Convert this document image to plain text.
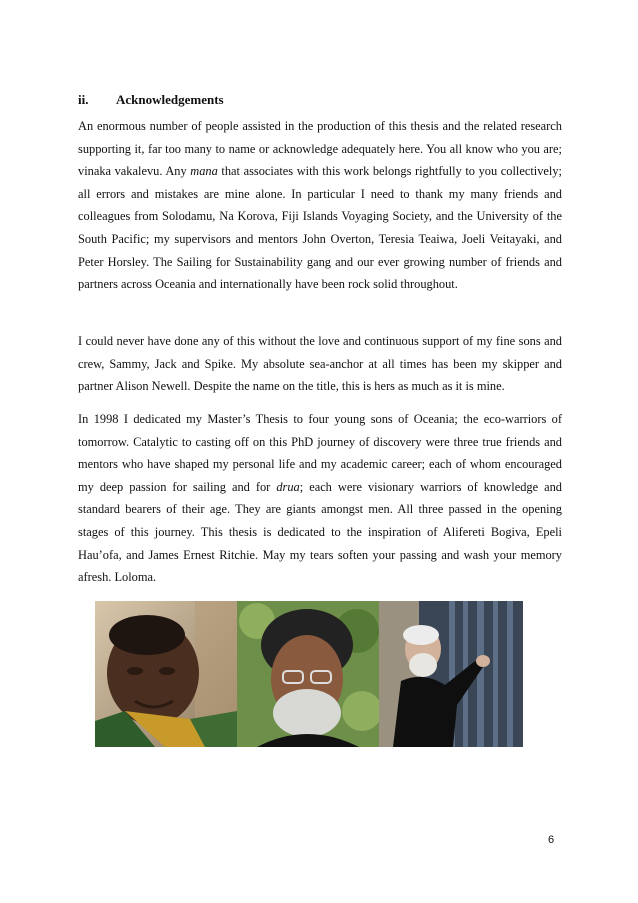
ii. Acknowledgements

An enormous number of people assisted in the production of this thesis and the related research supporting it, far too many to name or acknowledge adequately here. You all know who you are; vinaka vakalevu. Any mana that associates with this work belongs rightfully to you collectively; all errors and mistakes are mine alone. In particular I need to thank my many friends and colleagues from Solodamu, Na Korova, Fiji Islands Voyaging Society, and the University of the South Pacific; my supervisors and mentors John Overton, Teresia Teaiwa, Joeli Veitayaki, and Peter Horsley. The Sailing for Sustainability gang and our ever growing number of friends and partners across Oceania and internationally have been rock solid throughout.

I could never have done any of this without the love and continuous support of my fine sons and crew, Sammy, Jack and Spike. My absolute sea-anchor at all times has been my skipper and partner Alison Newell. Despite the name on the title, this is hers as much as it is mine.

In 1998 I dedicated my Master’s Thesis to four young sons of Oceania; the eco-warriors of tomorrow. Catalytic to casting off on this PhD journey of discovery were three true friends and mentors who have shaped my personal life and my academic career; each of whom encouraged my deep passion for sailing and for drua; each were visionary warriors of knowledge and standard bearers of their age. They are giants amongst men. All three passed in the opening stages of this journey. This thesis is dedicated to the inspiration of Alifereti Bogiva, Epeli Hau’ofa, and James Ernest Ritchie. May my tears soften your passing and wash your memory afresh. Loloma.

6
